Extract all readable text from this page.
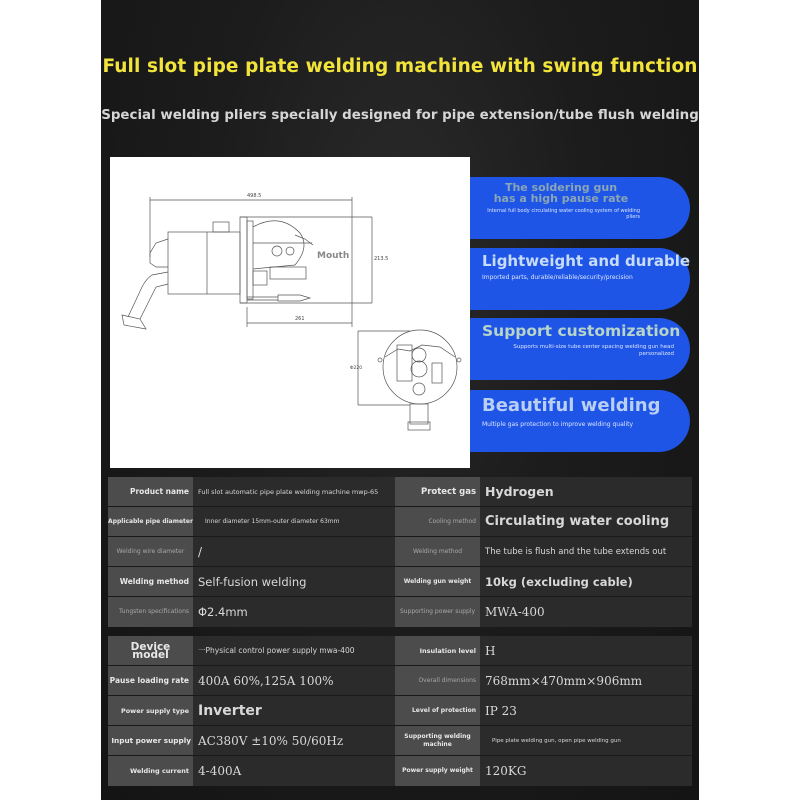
Full slot pipe plate welding machine with swing function
Special welding pliers specially designed for pipe extension/tube flush welding
498.5
213.5
261
Φ220
Mouth
The soldering gun
has a high pause rate
Internal full body circulating water cooling system of welding pliers
Lightweight and durable
Imported parts, durable/reliable/security/precision
Support customization
Supports multi-size tube center spacing welding gun head personalized
Beautiful welding
Multiple gas protection to improve welding quality
Product name	Full slot automatic pipe plate welding machine mwp-65	Protect gas Hydrogen
Applicable pipe diameter	Inner diameter 15mm-outer diameter 63mm	Cooling method Circulating water cooling
Welding wire diameter	/	Welding method	The tube is flush and the tube extends out
Welding method Self-fusion welding	Welding gun weight	10kg (excluding cable)
Tungsten specifications Φ2.4mm	Supporting power supply MWA-400
Device model	一Physical control power supply mwa-400	Insulation level H
Pause loading rate 400A 60%,125A 100%	Overall dimensions 768mm×470mm×906mm
Power supply type Inverter	Level of protection IP 23
Input power supply AC380V ±10% 50/60Hz	Supporting welding machine	Pipe plate welding gun, open pipe welding gun
Welding current 4-400A	Power supply weight	120KG
